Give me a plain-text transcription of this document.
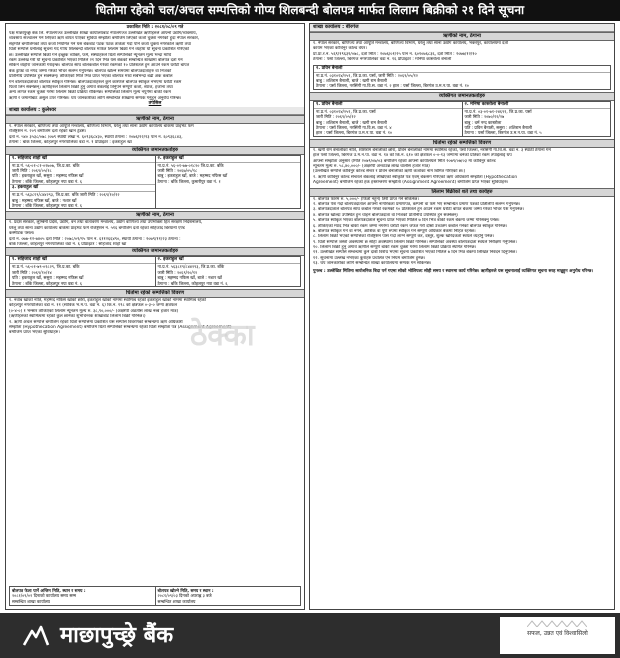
धितोमा रहेको चल/अचल सम्पत्तिको गोप्य शिलबन्दी बोलपत्र मार्फत लिलाम बिक्रीको २१ दिने सूचना
प्रकाशित मिति : २०८१/०८/०९ गते
पक्ष माछापुच्छ्रे बैंक लि. नेपालगञ्ज उल्लेखित शाखा कार्यालयबाट नेपालगञ्ज उल्लेखित ऋणीहरुले आफ्नो उद्योग/व्यवसाय,
व्यवसाय सञ्चालन गर्न लिएको ऋण बापत पाएका सुविधा सम्झौता बमोजिम लिएको कर्जा चुक्ता नगरेको हुँदा नेपाल सरकार,
सहमति बमोजिमको तथा कर्जा नियमित गर्न यस बैंकबाट पटक पटक ताकेता गर्दा पनि कर्जा चुक्ता नगरेकोले ऋणी तथा
धितो सम्पत्ति धनीलाई सूचना गर्दै गोप्य शिलबन्दी बोलपत्र मार्फत लिलाम बिक्री गर्ने व्यहोरा यो सूचना प्रकाशित गरिएको
छ। उल्लेखित सम्पत्ति बिक्री गर्न इच्छुक व्यक्ति, फर्म, संस्थाहरुले धितो सम्पत्तिको न्यूनतम मूल्य भन्दा माथि
रकम उल्लेख गरी यो सूचना प्रकाशित भएको मितिले २१ दिन भित्र यस बैंकको सम्बन्धित शाखामा बोलपत्र दर्ता गर्न
सकिने व्यहोरा जानकारी गराइन्छ। बोलपत्र साथ बोलकबोल गरेको रकमको १० प्रतिशतले हुन आउने रकम धरौटी बापत
बैंक ड्राफ्ट वा नगद जम्मा गरेको भौचर संलग्न गर्नुपर्नेछ। बोलपत्र खोल्ने समयमा बोलपत्रदाताहरु वा निजको
प्रतिनिधि उपस्थित हुन सक्नेछन्। तोकिएको मिति भित्र प्राप्त भएका बोलपत्र मध्ये सबैभन्दा बढी अंक कबोल
गर्ने बोलपत्रदाताको बोलपत्र स्वीकृत गरिनेछ। बोलपत्रदाताहरुले कुनै कारणले बोलपत्र स्वीकृत नभएमा धरौटी रकम
फिर्ता लिन सक्नेछन्। ऋणीहरुले लिलाम बिक्री हुनु अगावै बैंकलाई तिर्नुपर्ने सम्पूर्ण कर्जा, ब्याज, हर्जाना तथा
अन्य लागत रकम चुक्ता गरेमा लिलाम बिक्री प्रक्रिया रोकिनेछ। सम्पत्तिको लिलाम मूल्य नपुगेमा बाँकी रकम
ऋणी र जमानीबाट असुल उपर गरिनेछ। थप जानकारीका लागि सम्बन्धित शाखामा सम्पर्क गर्नुहुन अनुरोध गरिन्छ।
तपसिल
शाखा कार्यालय : कुलेश्वर
ऋणीको नाम, ठेगाना
१. नेपाल सरकार, बाणिज्य तथा आपूर्ति मन्त्रालय, बाणिज्य विभाग, घरेलु तथा साना उद्योग कार्यालय बाँकेमा प्राइभेट फर्म
रजिष्ट्रेशन नं. २०९ बमोजिम दर्ता रहेको खान ट्रेडर्स।
दर्ता नं. ५४० ३५३८/०७८ /०७९ स्थायी लेखा नं. ६०९३६८४३०, स्थायी ठेगाना : २०७६/१२/१३ पान नं. ६०९३६८४३,
ठेगाना : बाँके जिल्ला, कोहलपुर नगरपालिका वडा नं. १ प्रोप्राइटर : इकराहुल खाँ
व्यक्तिगत जमानतकर्ताहरु
१. सहिजाद शाहो खाँ
ना.प्र.नं. ५६-०१-८१-०२७०७, जि.प्र.का. बाँके
जारी मिति : २०६९/०५/१८
पति : इकराहुल खाँ, ससुरा : महम्मद नफिस खाँ
ठेगाना : बाँके जिल्ला, कोहलपुर नपा वडा नं. ६
३. इकराहुल खाँ
ना.प्र.नं. ५६३८१९/८४४२९३, जि.प्र.का. बाँके जारी मिति : २०६९/१०/१२
बाबु : महम्मद नफिस खाँ, बाजे : नशार खाँ
ठेगाना : बाँके जिल्ला, कोहलपुर नपा वडा नं. ६
२. इकराहुल खाँ
ना.प्र.नं. ५६-०१-७७-०१८२० जि.प्र.का. बाँके
जारी मिति : २०६७/०५/१८
बाबु : इकराहुल खाँ, बाजे : महम्मद नफिस खाँ
ठेगाना : बाँके जिल्ला, कुमारीपुर वडा नं. १
ऋणीको नाम, ठेगाना
१. प्रदेश सरकार, लुम्बिनी प्रदेश, उद्योग, वन तथा वातावरण मन्त्रालय, उद्योग वाणिज्य तथा उपभोक्ता हित संरक्षण निर्देशनालय,
घरेलु तथा साना उद्योग कार्यालय बाँकेमा प्राइभेट फर्म रजिष्ट्रेशन नं. ५१६ बमोजिम दर्ता रहेको सहिजाद बिरयानी एण्ड
कस्मेटिक पसल।
दर्ता नं. ०७७-१२-७४०५ दर्ता मिति : २०७८/०९/१५ पान नं. ६११२६६४९०, स्थायी ठेगाना : २०७९/११/२३ ठेगाना :
बाँके जिल्ला, कोहलपुर नगरपालिका वडा नं. ६ प्रोप्राइटर : सहिजाद शाहो खाँ
व्यक्तिगत जमानतकर्ताहरु
१. सहिजाद शाहो खाँ
ना.प्र.नं. ५६-०१-७९-०१८२९, जि.प्र.का. बाँके
जारी मिति : २०६९/१०/१४
पति : इकराहुल खाँ, ससुरा : महम्मद नफिस खाँ
ठेगाना : बाँके जिल्ला, कोहलपुर नपा वडा नं. ६
२. इकराहुल खाँ
ना.प्र.नं. ५६३८१९/८४४२९३, जि.प्र.का. बाँके
जारी मिति : २०६९/१०/१२
बाबु : महम्मद नफिस खाँ, बाजे : नशार खाँ
ठेगाना : बाँके जिल्ला, कोहलपुर नपा वडा नं. ६
धितोमा रहेको सम्पत्तिको विवरण
१. नवाब खाँको नाति, महम्मद नफिस खाँको छोरा, इकराहुल खाँको नाममा स्वामित्व रहेको इकराहुल खाँको नाममा स्वामित्व रहेको
कोहलपुर नगरपालिका वडा नं. ११ (साविक भ.म.प. वडा नं. ६) कि.नं. १९८ को क्षेत्रफल ०-३-० जग्गा क्षेत्रफल
(०-४-०) १ भन्सार तोकिएको लिलाम न्यूनतम मूल्य रु. ३८,९०,०००/- (अक्षरेपी अठतीस लाख नब्बे हजार मात्र)
(ऋणीहरुको स्वामित्वमा रहेको कुल छानेका शुभचिन्तक शाखाबाट लिलाम बिक्री गरिनेछ।)
२. ऋणी अचल सम्पत्ति बमोजिम रहेको धितो सम्पत्तिमा प्रकाशित यस सम्पत्ति विवरणको सम्बन्धमा ऋण अधिकारी
सम्झौता (Hypothecation Agreement) बमोजिम धितो सम्पत्तिको सम्बन्धमा रहेको धितो सम्झौता पत्र (Assignment Agreement)
बमोजिम प्राप्त भएका सुविधाहरु।
बोलपत्र फेला पार्ने अन्तिम मिति, स्थान र समय :
२०८१/०९/०२ दिनाको कार्यालय समय सम्म
सम्बन्धित शाखा कार्यालय
बोलपत्र खोल्ने मिति, समय र स्थान :
२०८१/०९/०३ दिनको अपराह्न ३ बजे
सम्बन्धित शाखा कार्यालय
शाखा कार्यालय : बीरगंज
ऋणीको नाम, ठेगाना
१. नेपाल सरकार, बाणिज्य तथा आपूर्ति मन्त्रालय, बाणिज्य विभाग, घरेलु तथा साना उद्योग कार्यालय, भक्तपुर, कार्यालयमा दर्ता
कायम भएको कोविनुर कोल्ड वेयर।
प्रो.प्रा.र.नं. ५६९/१९६३१/०७८, दर्ता मिति : २०७६/०१/२५ पान नं. ६०१०७६८३६, दर्ता मिति : २०७७/१२/१०
ठेगाना : पर्सा जिल्ला, बिरगंज नगरपालिका वडा नं. १६ प्रोप्राइटर : मनिषा कास्तोला बैनाली
२. प्रविन बैनाली
ना.प्र.नं. ०३१०१४/२५१, जि.प्र.का. पर्सा, जारी मिति : २०६९/०५/१२
बाबु : शशिराम बैनाली, बाजे : खगी राम बैनाली
ठेगाना : पर्सा जिल्ला, नरसिंगी गा.वि.स. वडा नं. २ हाल : पर्सा जिल्ला, बिरगंज उ.म.न.पा. वडा नं. १०
व्यक्तिगत जमानतकर्ताहरु
१. प्रविन बैनाली
ना.प्र.नं. ०३१०१४/२५१, जि.प्र.का. पर्सा
जारी मिति : २०६९/०५/१२
बाबु : शशिराम बैनाली, बाजे : खगी राम बैनाली
ठेगाना : पर्सा जिल्ला, नरसिंगी गा.वि.स. वडा नं. ४
हाल : पर्सा जिल्ला, बिरगंज उ.म.न.पा. वडा नं. १०
२. मनिषा कास्तोला बैनाली
ना.प्र.नं. ०३-०१-७१-२४६९१, जि.प्र.का. पर्सा
जारी मिति : २०७०/१२/२७
बाबु : धर्म नन्द कास्तोला
पति : प्रविन बैनाली, ससुरा : शशिराम बैनाली
ठेगाना : पर्सा जिल्ला, बिरगंज उ.म.न.पा. वडा नं. ५
धितोमा रहेको सम्पत्तिको विवरण
१. खगी राम बैनालीको नाति, शशिराम बैनालीको छोरा, प्रविन बैनालीको नाममा स्वामित्व रहेको, पर्सा जिल्ला, नरसिंगी गा.वि.स. वडा नं. ३ स्थाठी ठेगाना गर्न
हाल पर्सा जिल्ला, बिरगंज उ.म.न.पा. वडा नं. १४ को कि.नं. ६१० को क्षेत्रफल ०-०-१३ जग्गामा बनेको प्रतिको रकम तपाईलाई थप
आफ्नो सम्झौता अनुसार (मिति २०७९/०७/०३ बमोजिम रहेको आफ्नो कार्यालयले मिति २०७९/०७/०३ मा कोविनुर कोल्ड
न्यूनतम मूल्य रु. ५८,४०,०००/- (अक्षरेपी अन्ठाउन्न लाख चालीस हजार मात्र)
(उल्लेखित सम्पत्ति कोविनुर कोल्ड सेन्टर र प्रविन बैनालीको ऋणी कर्जाका नाम बिमित गरिएको छ।)
२. ऋणी कोविनुर कोल्ड सेन्टरले बैंकलाई लेखिएको स्वीकृति पत्र एवम् बैंकसँग गरिएको ऋण अधिकारी सम्झौता (Hypothecation
Agreement) बमोजिम रहेको हक हस्तान्तरण सम्झौता (Assignment Agreement) बमोजिम प्राप्त भएका सुविधाहरु।
लिलाम बिक्रीको शर्त तथा कार्यहरु
१. बोलपत्र फारम रु. ५,०००/- (फिर्ता नहुने) तिरी प्राप्त गर्न सकिनेछ।
२. बोलपत्र पेश गर्दा बोलपत्रदाताले आफ्नो नागरिकता प्रमाणपत्र, कम्पनी वा फर्म भए सम्बन्धित प्रमाण पत्रको प्रतिलिपि संलग्न गर्नुपर्नेछ।
३. बोलपत्रदाताले बोलपत्र साथ कबोल गरेको रकमको १० प्रतिशतले हुन आउने रकम धरौटी बापत बैंकमा जम्मा गरेको भौचर पेश गर्नुपर्नेछ।
४. बोलपत्र खोल्दा उपस्थित हुन चाहने बोलपत्रदाता वा निजको प्रतिनिधि उपस्थित हुन सक्नेछन्।
५. बोलपत्र स्वीकृत भएका बोलपत्रदाताले सूचना प्राप्त भएको मितिले ७ दिन भित्र बाँकी रकम बैंकमा जम्मा गरिसक्नु पर्नेछ।
६. तोकिएको म्याद भित्र बाँकी रकम जम्मा नगरेमा धरौटी रकम जफत गरी दोस्रो उच्चतम कबोल गर्नेको बोलपत्र स्वीकृत गरिनेछ।
७. बोलपत्र स्वीकृत गर्ने वा नगर्ने, आंशिक वा पूर्ण रुपमा स्वीकृत गर्ने सम्पूर्ण अधिकार बैंकमा निहित रहनेछ।
८. लिलाम बिक्री भएको सम्पत्तिको रजिष्ट्रेशन पास गर्दा लाग्ने सम्पूर्ण कर, दस्तुर, शुल्क खरिदकर्ता स्वयंले व्यहोर्नु पर्नेछ।
९. धितो सम्पत्ति जस्तो अवस्थामा छ सोही अवस्थामा लिलाम बिक्री गरिनेछ। सम्पत्तिको अवस्था बोलपत्रदाता स्वयंले निरीक्षण गर्नुपर्नेछ।
१०. लिलाम बिक्री हुनु अगावै ऋणीले सम्पूर्ण बाँकी रकम चुक्ता गरेमा लिलाम बिक्री प्रक्रिया स्थगित गरिनेछ।
११. उल्लेखित सम्पत्ति सम्बन्धमा कुनै दाबी विरोध भएमा सूचना प्रकाशित भएको मितिले ७ दिन भित्र बैंकमा लिखित निवेदन दिनुपर्नेछ।
१२. सूचनामा उल्लेख नभएका कुराहरु प्रचलित ऐन नियम बमोजिम हुनेछ।
१३. थप जानकारीका लागि सम्बन्धित शाखा कार्यालयमा सम्पर्क गर्न सकिनेछ।
पुनश्च : उल्लेखित मितिमा सार्वजनिक बिदा पर्न गएमा सोको भोलिपल्ट सोही समय र स्थानमा कार्य गरिनेछ। ऋणीहरुले यस सूचनालाई व्यक्तिगत सूचना सरह मान्नुहुन अनुरोध गरिन्छ।
ठेक्का
माछापुच्छ्रे बैंक	सफल, उन्नत एवं विश्वासिलो
